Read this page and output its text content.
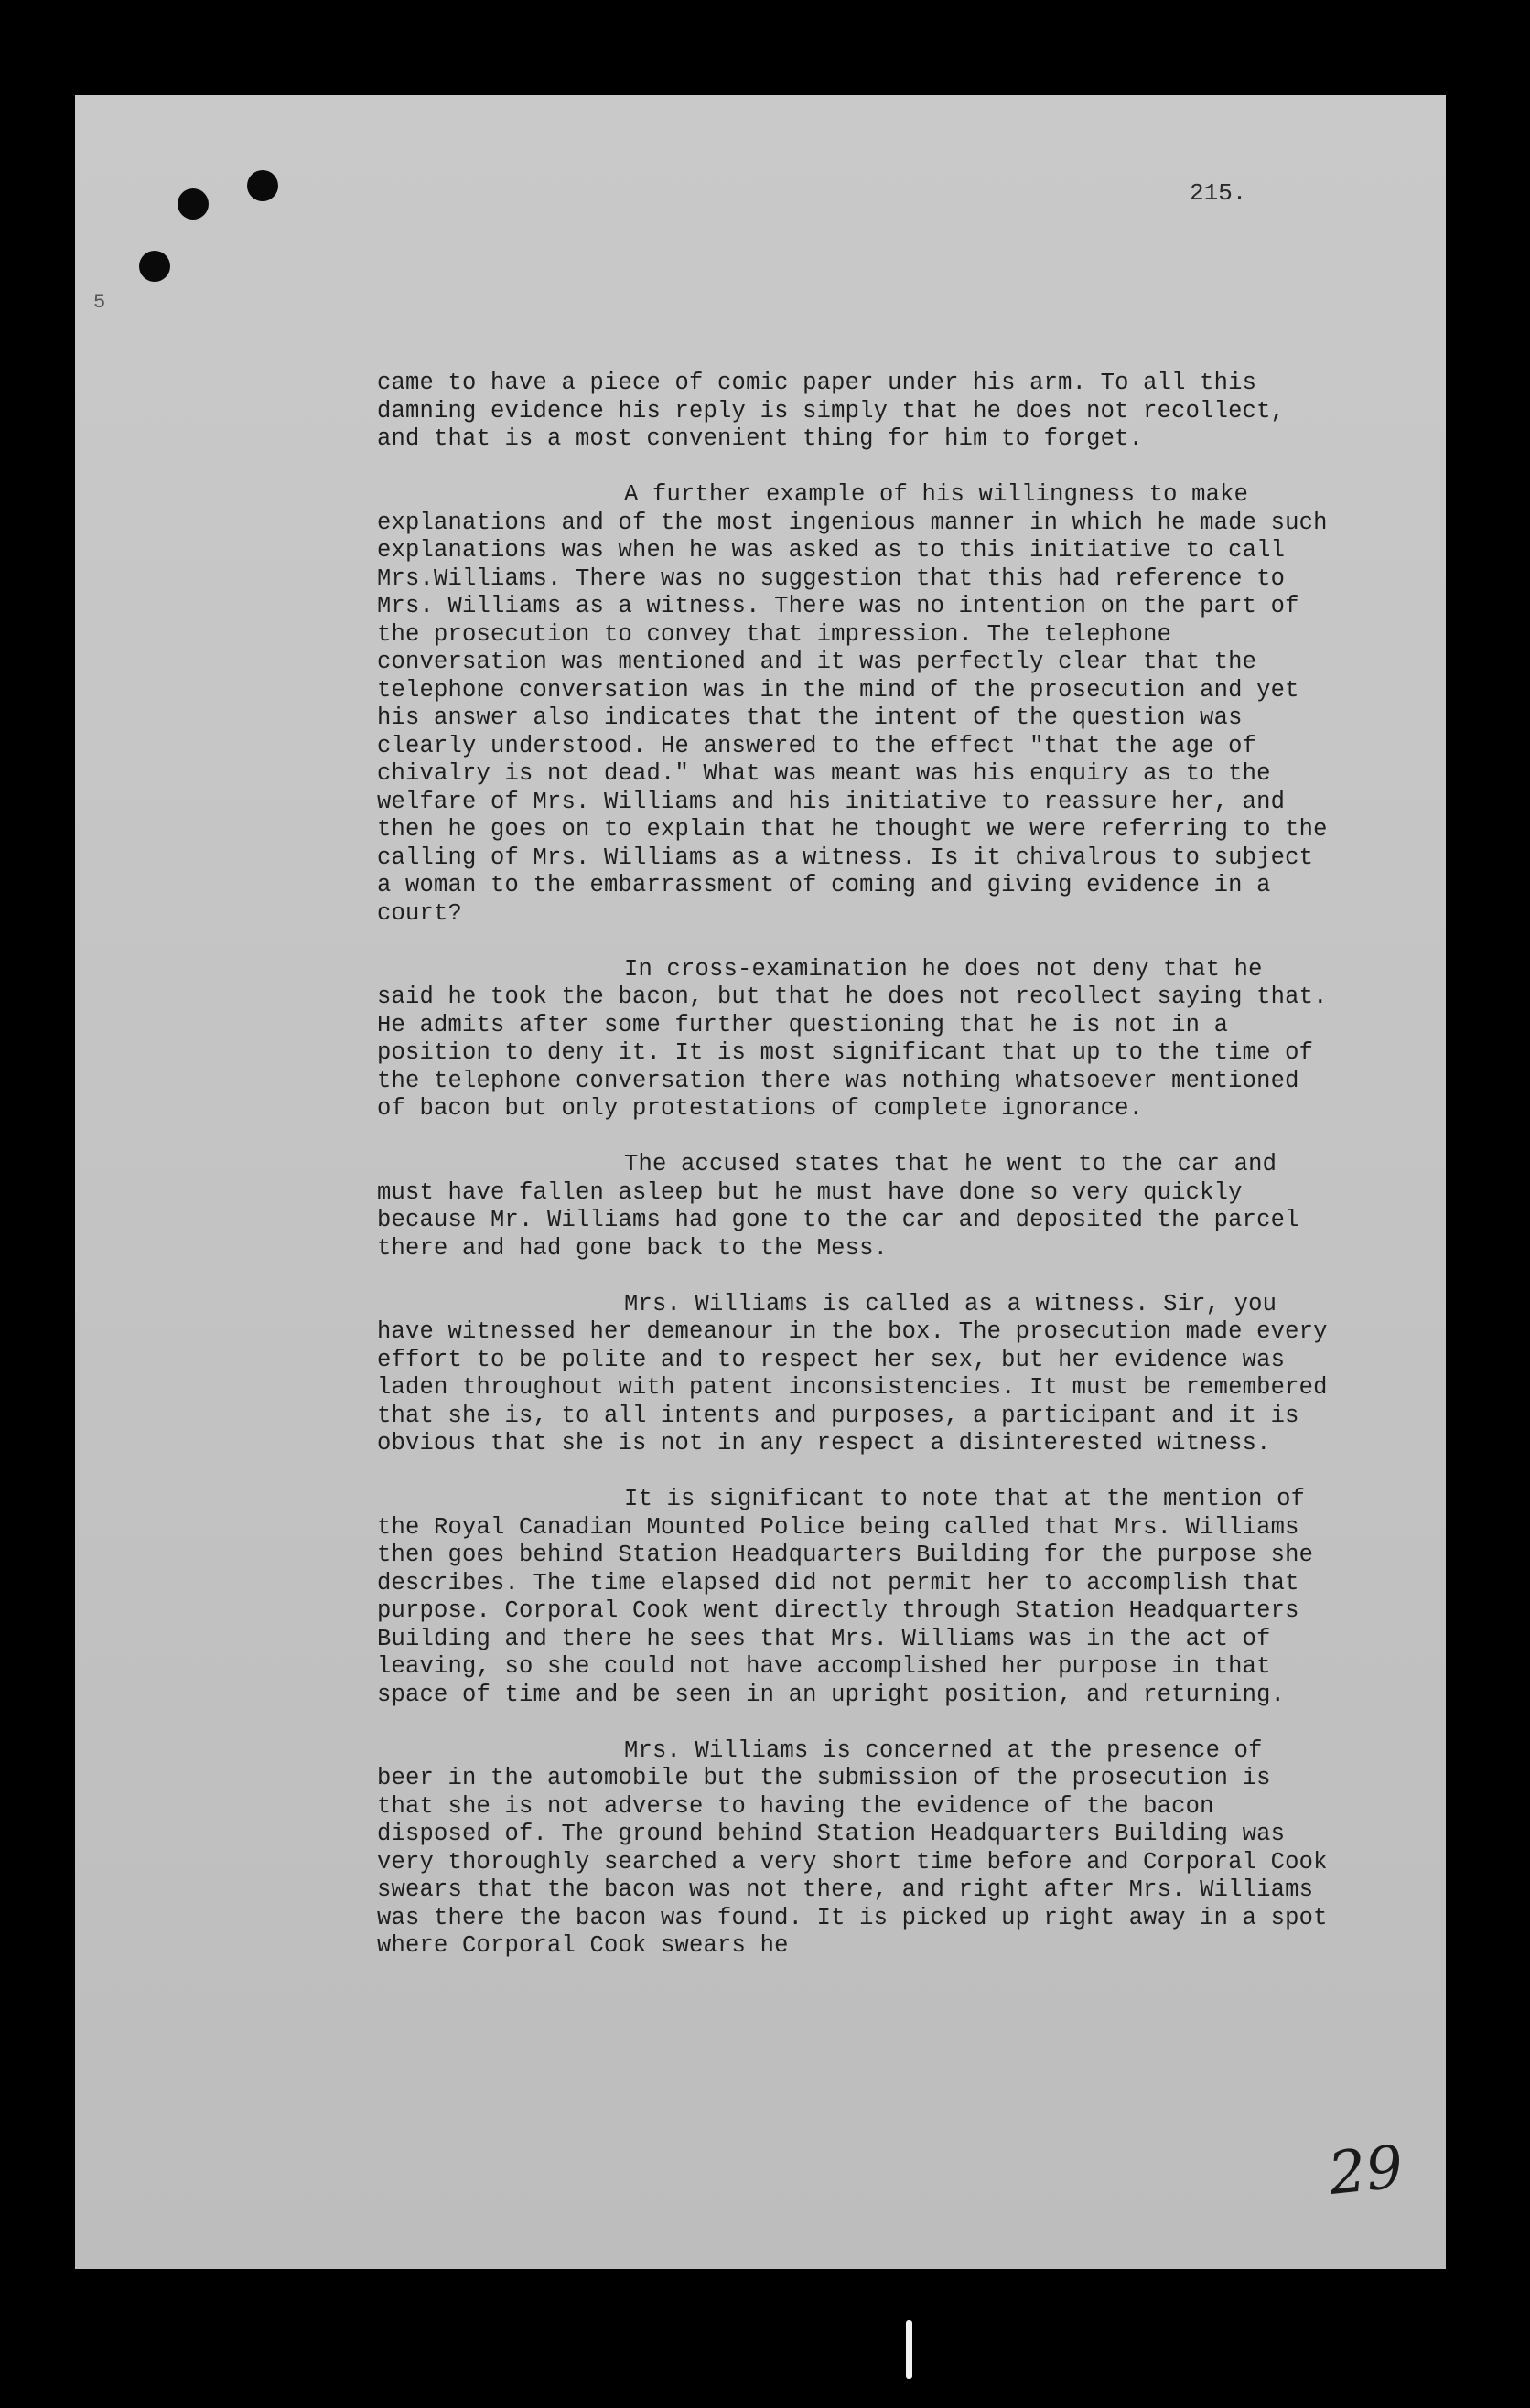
215.
5

came to have a piece of comic paper under his arm. To all this damning evidence his reply is simply that he does not recollect, and that is a most convenient thing for him to forget.

A further example of his willingness to make explanations and of the most ingenious manner in which he made such explanations was when he was asked as to this initiative to call Mrs.Williams. There was no suggestion that this had reference to Mrs. Williams as a witness. There was no intention on the part of the prosecution to convey that impression. The telephone conversation was mentioned and it was perfectly clear that the telephone conversation was in the mind of the prosecution and yet his answer also indicates that the intent of the question was clearly understood. He answered to the effect "that the age of chivalry is not dead." What was meant was his enquiry as to the welfare of Mrs. Williams and his initiative to reassure her, and then he goes on to explain that he thought we were referring to the calling of Mrs. Williams as a witness. Is it chivalrous to subject a woman to the embarrassment of coming and giving evidence in a court?

In cross-examination he does not deny that he said he took the bacon, but that he does not recollect saying that. He admits after some further questioning that he is not in a position to deny it. It is most significant that up to the time of the telephone conversation there was nothing whatsoever mentioned of bacon but only protestations of complete ignorance.

The accused states that he went to the car and must have fallen asleep but he must have done so very quickly because Mr. Williams had gone to the car and deposited the parcel there and had gone back to the Mess.

Mrs. Williams is called as a witness. Sir, you have witnessed her demeanour in the box. The prosecution made every effort to be polite and to respect her sex, but her evidence was laden throughout with patent inconsistencies. It must be remembered that she is, to all intents and purposes, a participant and it is obvious that she is not in any respect a disinterested witness.

It is significant to note that at the mention of the Royal Canadian Mounted Police being called that Mrs. Williams then goes behind Station Headquarters Building for the purpose she describes. The time elapsed did not permit her to accomplish that purpose. Corporal Cook went directly through Station Headquarters Building and there he sees that Mrs. Williams was in the act of leaving, so she could not have accomplished her purpose in that space of time and be seen in an upright position, and returning.

Mrs. Williams is concerned at the presence of beer in the automobile but the submission of the prosecution is that she is not adverse to having the evidence of the bacon disposed of. The ground behind Station Headquarters Building was very thoroughly searched a very short time before and Corporal Cook swears that the bacon was not there, and right after Mrs. Williams was there the bacon was found. It is picked up right away in a spot where Corporal Cook swears he

29
